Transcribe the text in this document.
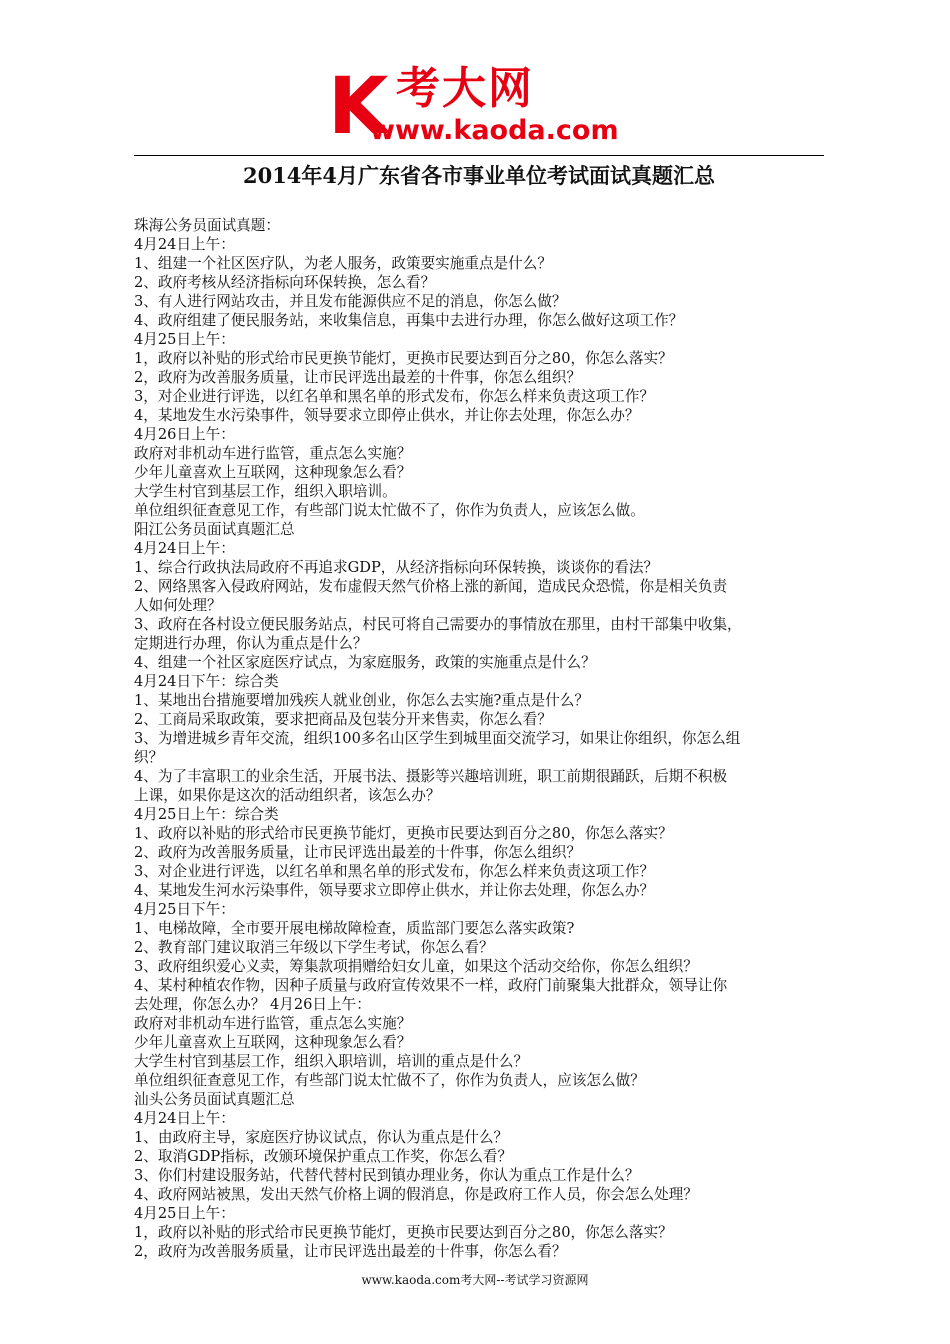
K 考大网
www.kaoda.com
2014年4月广东省各市事业单位考试面试真题汇总
珠海公务员面试真题：
4月24日上午：
1、组建一个社区医疗队，为老人服务，政策要实施重点是什么？
2、政府考核从经济指标向环保转换，怎么看？
3、有人进行网站攻击，并且发布能源供应不足的消息，你怎么做？
4、政府组建了便民服务站，来收集信息，再集中去进行办理，你怎么做好这项工作？
4月25日上午：
1，政府以补贴的形式给市民更换节能灯，更换市民要达到百分之80，你怎么落实？
2，政府为改善服务质量，让市民评选出最差的十件事，你怎么组织？
3，对企业进行评选，以红名单和黑名单的形式发布，你怎么样来负责这项工作？
4，某地发生水污染事件，领导要求立即停止供水，并让你去处理，你怎么办？
4月26日上午：
政府对非机动车进行监管，重点怎么实施？
少年儿童喜欢上互联网，这种现象怎么看？
大学生村官到基层工作，组织入职培训。
单位组织征查意见工作，有些部门说太忙做不了，你作为负责人，应该怎么做。
阳江公务员面试真题汇总
4月24日上午：
1、综合行政执法局政府不再追求GDP，从经济指标向环保转换，谈谈你的看法？
2、网络黑客入侵政府网站，发布虚假天然气价格上涨的新闻，造成民众恐慌，你是相关负责
人如何处理？
3、政府在各村设立便民服务站点，村民可将自己需要办的事情放在那里，由村干部集中收集，
定期进行办理，你认为重点是什么？
4、组建一个社区家庭医疗试点，为家庭服务，政策的实施重点是什么？
4月24日下午：综合类
1、某地出台措施要增加残疾人就业创业，你怎么去实施?重点是什么？
2、工商局采取政策，要求把商品及包装分开来售卖，你怎么看？
3、为增进城乡青年交流，组织100多名山区学生到城里面交流学习，如果让你组织，你怎么组
织？
4、为了丰富职工的业余生活，开展书法、摄影等兴趣培训班，职工前期很踊跃，后期不积极
上课，如果你是这次的活动组织者，该怎么办？
4月25日上午：综合类
1、政府以补贴的形式给市民更换节能灯，更换市民要达到百分之80，你怎么落实？
2、政府为改善服务质量，让市民评选出最差的十件事，你怎么组织？
3、对企业进行评选，以红名单和黑名单的形式发布，你怎么样来负责这项工作？
4、某地发生河水污染事件，领导要求立即停止供水，并让你去处理，你怎么办？
4月25日下午：
1、电梯故障，全市要开展电梯故障检查，质监部门要怎么落实政策?
2、教育部门建议取消三年级以下学生考试，你怎么看？
3、政府组织爱心义卖，筹集款项捐赠给妇女儿童，如果这个活动交给你，你怎么组织？
4、某村种植农作物，因种子质量与政府宣传效果不一样，政府门前聚集大批群众，领导让你
去处理，你怎么办？ 4月26日上午：
政府对非机动车进行监管，重点怎么实施？
少年儿童喜欢上互联网，这种现象怎么看？
大学生村官到基层工作，组织入职培训，培训的重点是什么？
单位组织征查意见工作，有些部门说太忙做不了，你作为负责人，应该怎么做？
汕头公务员面试真题汇总
4月24日上午：
1、由政府主导，家庭医疗协议试点，你认为重点是什么？
2、取消GDP指标，改颁环境保护重点工作奖，你怎么看？
3、你们村建设服务站，代替代替村民到镇办理业务，你认为重点工作是什么？
4、政府网站被黑，发出天然气价格上调的假消息，你是政府工作人员，你会怎么处理？
4月25日上午：
1，政府以补贴的形式给市民更换节能灯，更换市民要达到百分之80，你怎么落实？
2，政府为改善服务质量，让市民评选出最差的十件事，你怎么看？
www.kaoda.com考大网--考试学习资源网
